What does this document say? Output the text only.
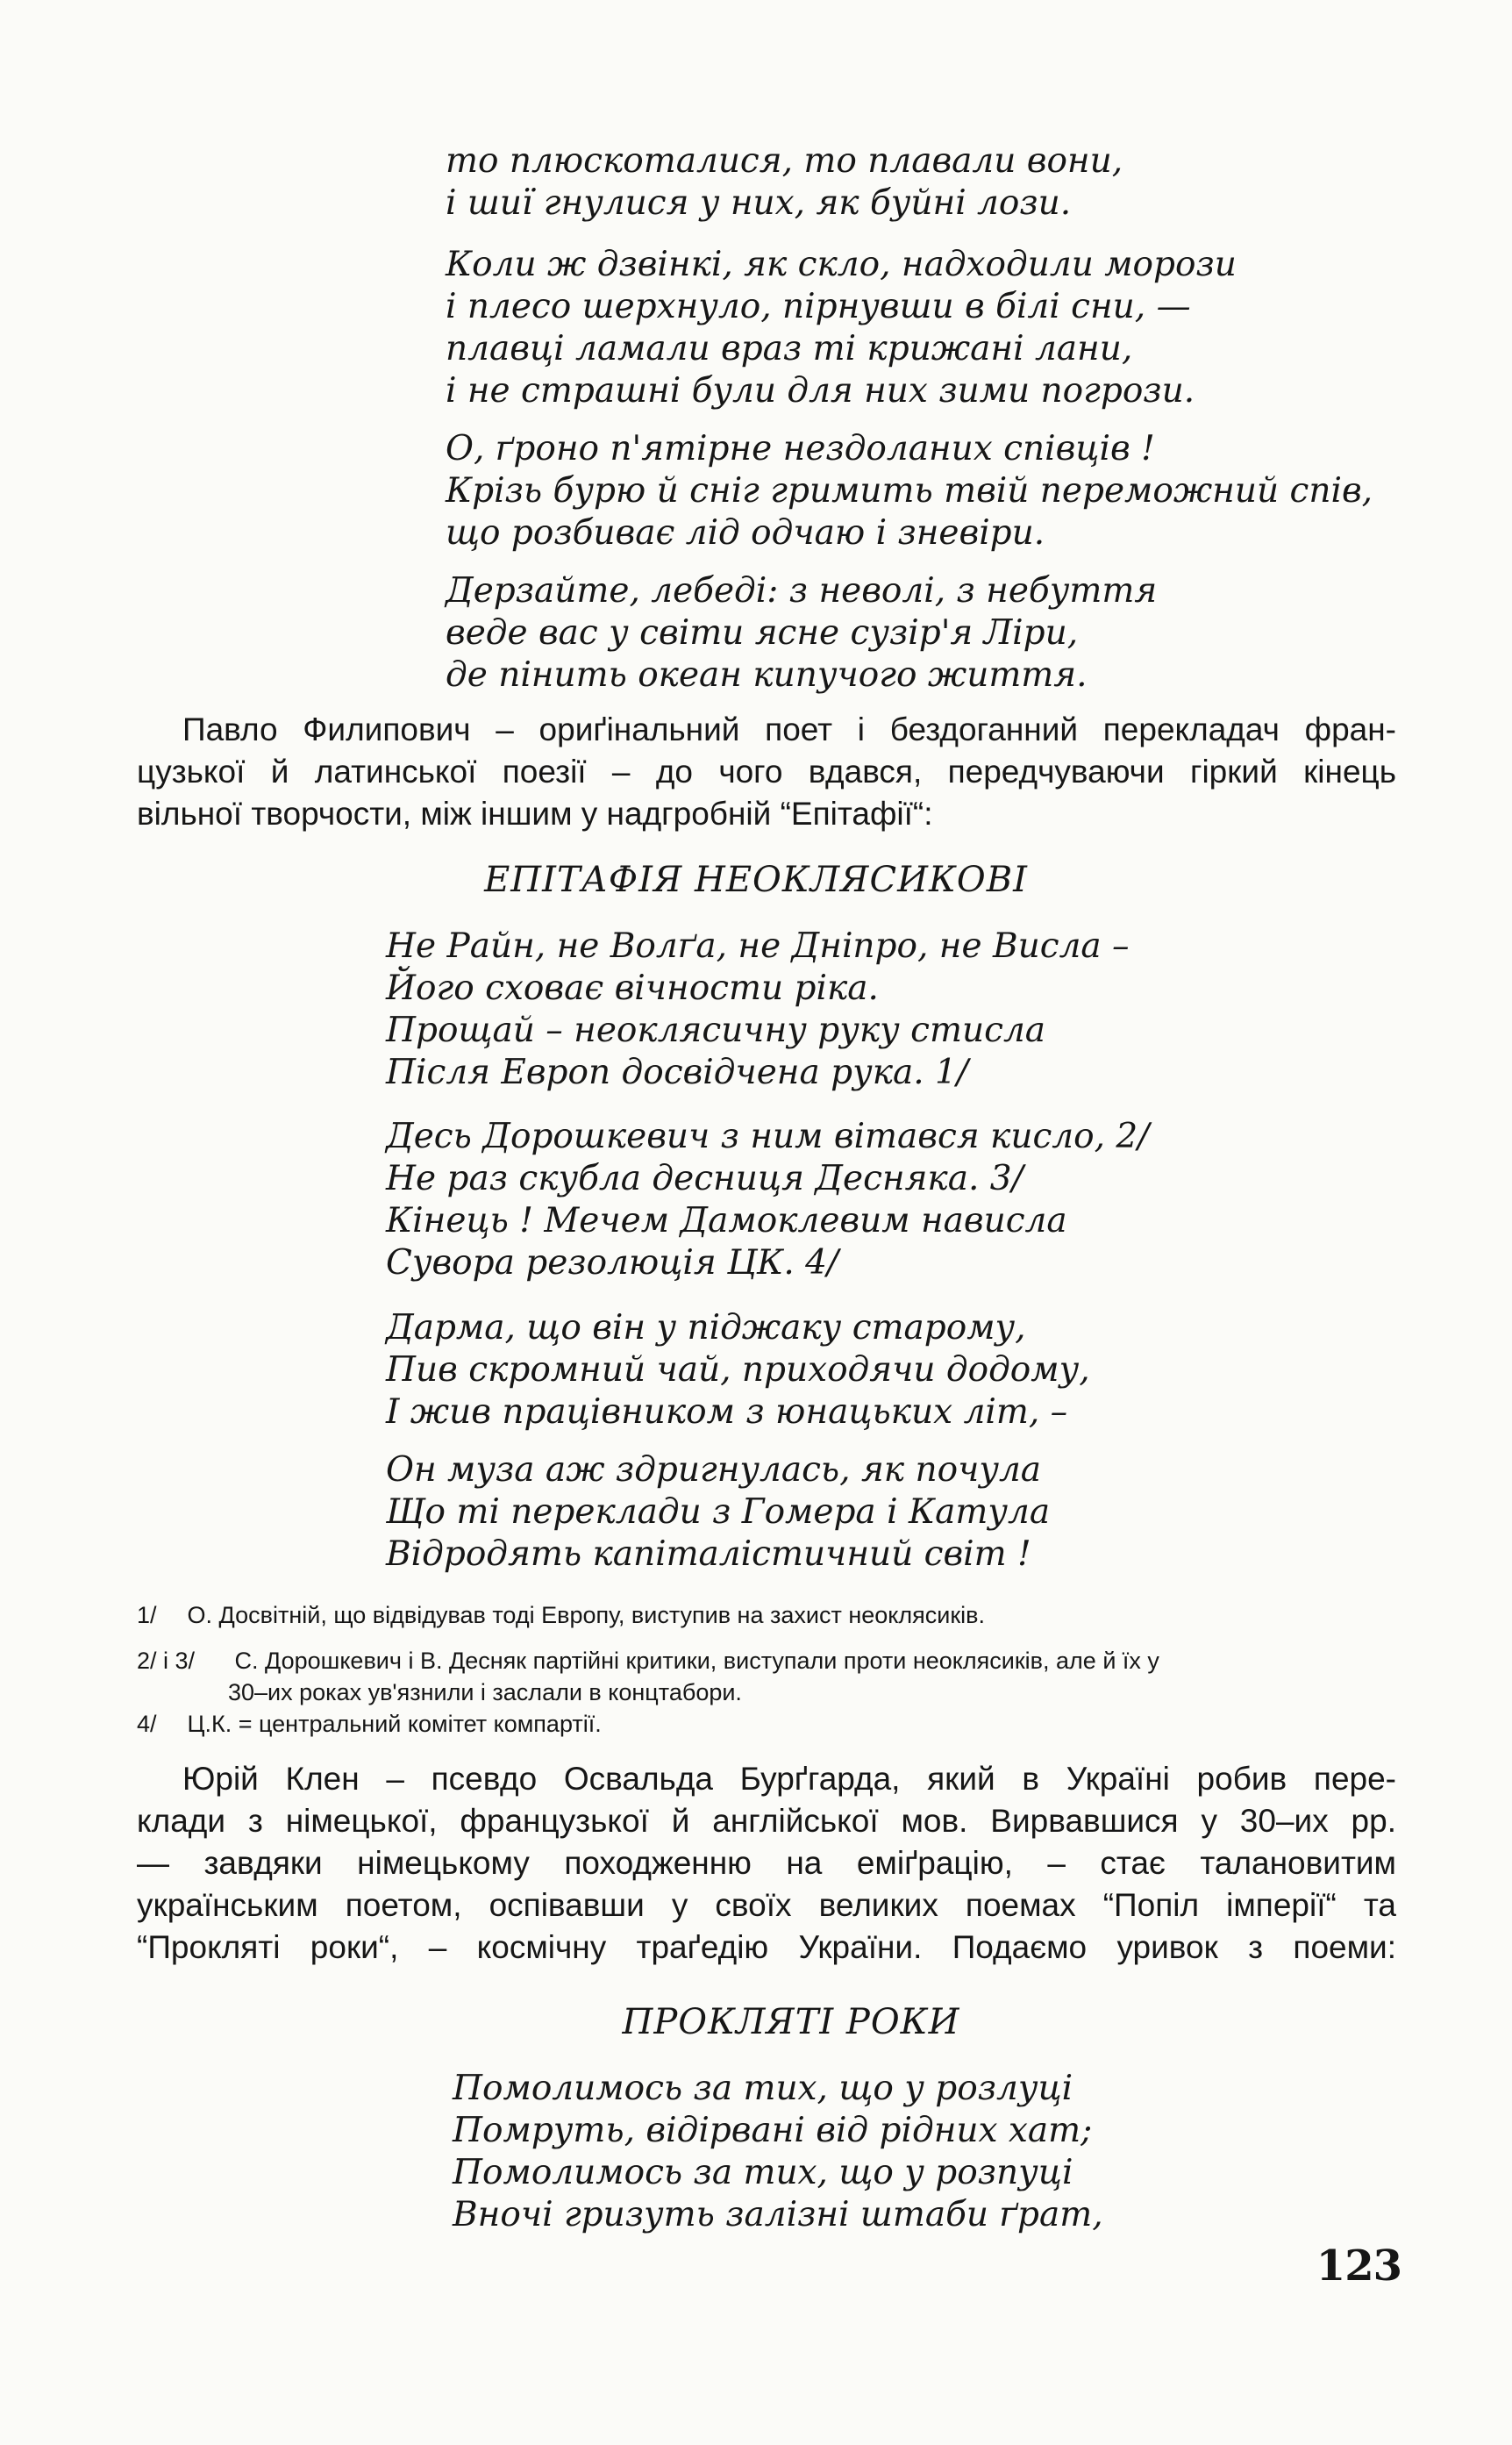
то плюскоталися, то плавали вони,
і шиї гнулися у них, як буйні лози.
Коли ж дзвінкі, як скло, надходили морози
і плесо шерхнуло, пірнувши в білі сни, —
плавці ламали враз ті крижані лани,
і не страшні були для них зими погрози.
О, ґроно п'ятірне нездоланих співців !
Крізь бурю й сніг гримить твій переможний спів,
що розбиває лід одчаю і зневіри.
Дерзайте, лебеді: з неволі, з небуття
веде вас у світи ясне сузір'я Ліри,
де пінить океан кипучого життя.
Павло Филипович – ориґінальний поет і бездоганний перекладач фран-
цузької й латинської поезії – до чого вдався, передчуваючи гіркий кінець
вільної творчости, між іншим у надгробній “Епітафії“:
ЕПІТАФІЯ НЕОКЛЯСИКОВІ
Не Райн, не Волґа, не Дніпро, не Висла –
Його сховає вічности ріка.
Прощай – неоклясичну руку стисла
Після Европ досвідчена рука. 1/
Десь Дорошкевич з ним вітався кисло, 2/
Не раз скубла десниця Десняка. 3/
Кінець ! Мечем Дамоклевим нависла
Сувора резолюція ЦК. 4/
Дарма, що він у піджаку старому,
Пив скромний чай, приходячи додому,
І жив працівником з юнацьких літ, –
Он муза аж здригнулась, як почула
Що ті переклади з Гомера і Катула
Відродять капіталістичний світ !
1/ О. Досвітній, що відвідував тоді Европу, виступив на захист неоклясиків.
2/ і 3/ С. Дорошкевич і В. Десняк партійні критики, виступали проти неоклясиків, але й їх у
30–их роках ув'язнили і заслали в концтабори.
4/ Ц.К. = центральний комітет компартії.
Юрій Клен – псевдо Освальда Бурґгарда, який в Україні робив пере-
клади з німецької, французької й англійської мов. Вирвавшися у 30–их рр.
— завдяки німецькому походженню на еміґрацію, – стає талановитим
українським поетом, оспівавши у своїх великих поемах “Попіл імперії“ та
“Прокляті роки“, – космічну траґедію України. Подаємо уривок з поеми:
ПРОКЛЯТІ РОКИ
Помолимось за тих, що у розлуці
Помруть, відірвані від рідних хат;
Помолимось за тих, що у розпуці
Вночі гризуть залізні штаби ґрат,
123
